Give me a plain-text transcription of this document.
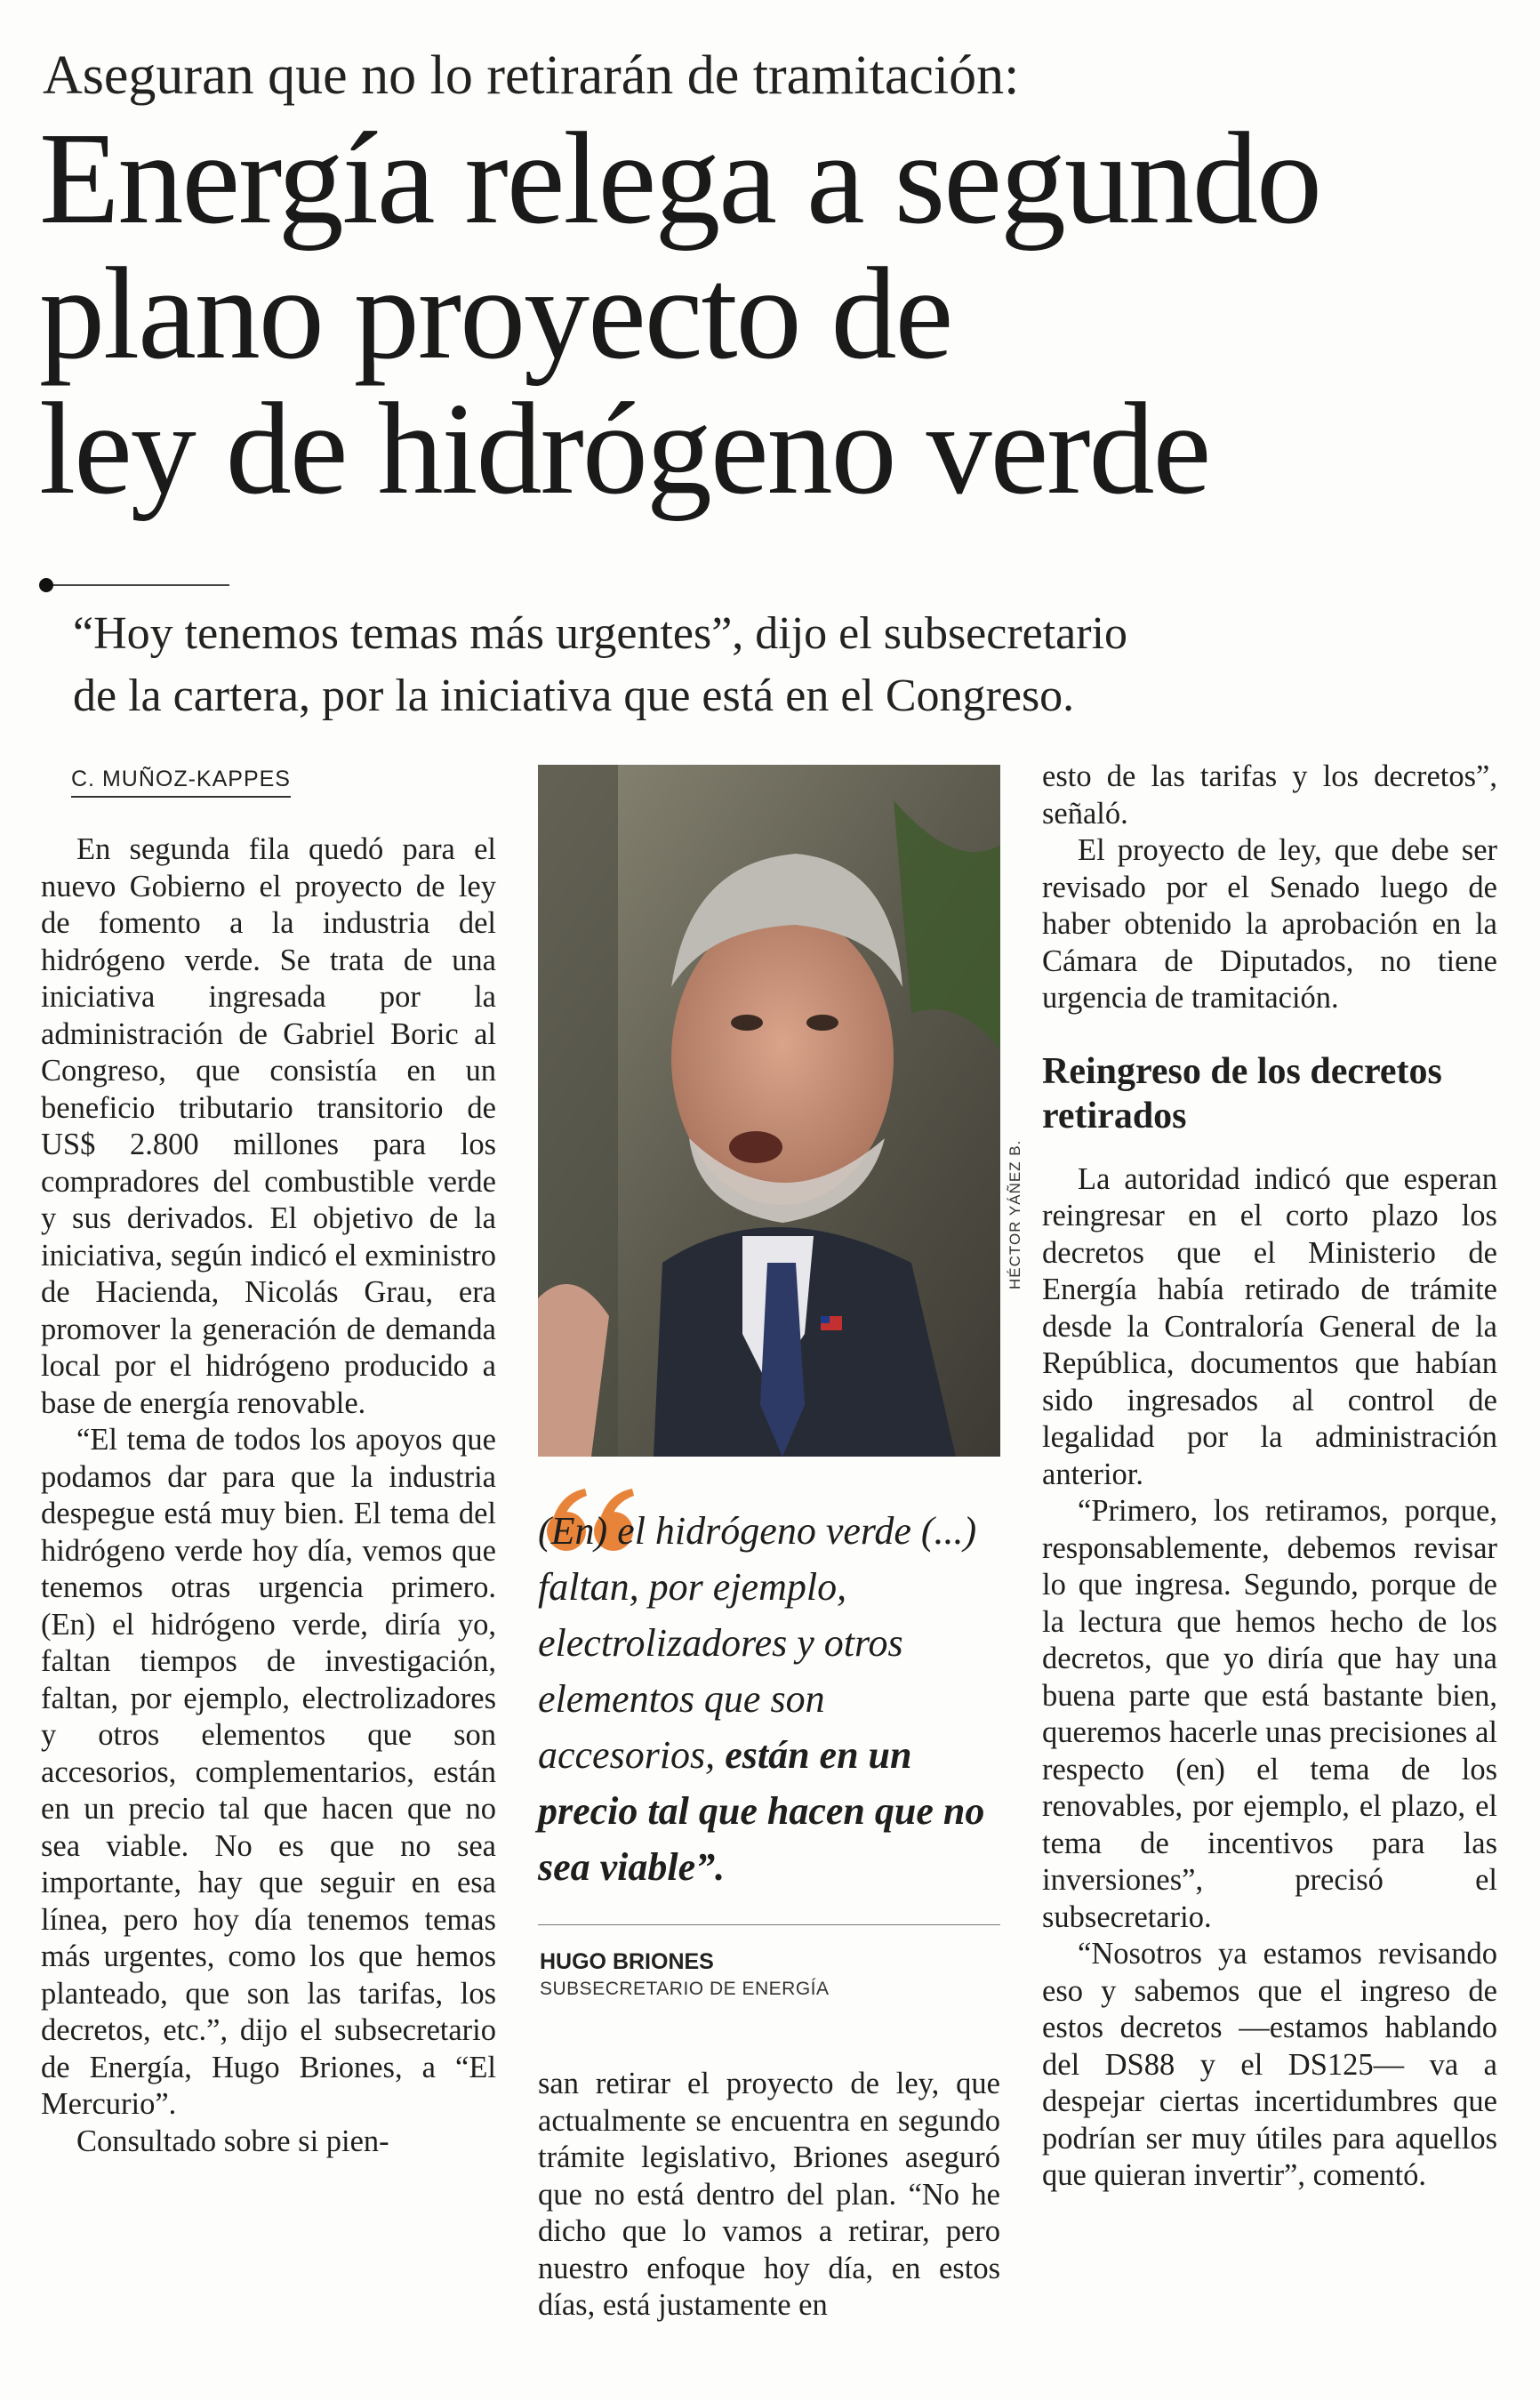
Aseguran que no lo retirarán de tramitación:
Energía relega a segundo
plano proyecto de
ley de hidrógeno verde
“Hoy tenemos temas más urgentes”, dijo el subsecretario
de la cartera, por la iniciativa que está en el Congreso.
C. MUÑOZ-KAPPES

En segunda fila quedó para el nuevo Gobierno el proyecto de ley de fomento a la industria del hidrógeno verde. Se trata de una iniciativa ingresada por la administración de Gabriel Boric al Congreso, que consistía en un beneficio tributario transitorio de US$ 2.800 millones para los compradores del combustible verde y sus derivados. El objetivo de la iniciativa, según indicó el exministro de Hacienda, Nicolás Grau, era promover la generación de demanda local por el hidrógeno producido a base de energía renovable.

“El tema de todos los apoyos que podamos dar para que la industria despegue está muy bien. El tema del hidrógeno verde hoy día, vemos que tenemos otras urgencia primero. (En) el hidrógeno verde, diría yo, faltan tiempos de investigación, faltan, por ejemplo, electrolizadores y otros elementos que son accesorios, complementarios, están en un precio tal que hacen que no sea viable. No es que no sea importante, hay que seguir en esa línea, pero hoy día tenemos temas más urgentes, como los que hemos planteado, que son las tarifas, los decretos, etc.”, dijo el subsecretario de Energía, Hugo Briones, a “El Mercurio”.

Consultado sobre si pien-

HÉCTOR YÁÑEZ B.
(En) el hidrógeno verde (...) faltan, por ejemplo, electrolizadores y otros elementos que son accesorios, están en un precio tal que hacen que no sea viable”.
HUGO BRIONES
SUBSECRETARIO DE ENERGÍA

san retirar el proyecto de ley, que actualmente se encuentra en segundo trámite legislativo, Briones aseguró que no está dentro del plan. “No he dicho que lo vamos a retirar, pero nuestro enfoque hoy día, en estos días, está justamente en

esto de las tarifas y los decretos”, señaló.

El proyecto de ley, que debe ser revisado por el Senado luego de haber obtenido la aprobación en la Cámara de Diputados, no tiene urgencia de tramitación.

Reingreso de los decretos retirados

La autoridad indicó que esperan reingresar en el corto plazo los decretos que el Ministerio de Energía había retirado de trámite desde la Contraloría General de la República, documentos que habían sido ingresados al control de legalidad por la administración anterior.

“Primero, los retiramos, porque, responsablemente, debemos revisar lo que ingresa. Segundo, porque de la lectura que hemos hecho de los decretos, que yo diría que hay una buena parte que está bastante bien, queremos hacerle unas precisiones al respecto (en) el tema de los renovables, por ejemplo, el plazo, el tema de incentivos para las inversiones”, precisó el subsecretario.

“Nosotros ya estamos revisando eso y sabemos que el ingreso de estos decretos —estamos hablando del DS88 y el DS125— va a despejar ciertas incertidumbres que podrían ser muy útiles para aquellos que quieran invertir”, comentó.
